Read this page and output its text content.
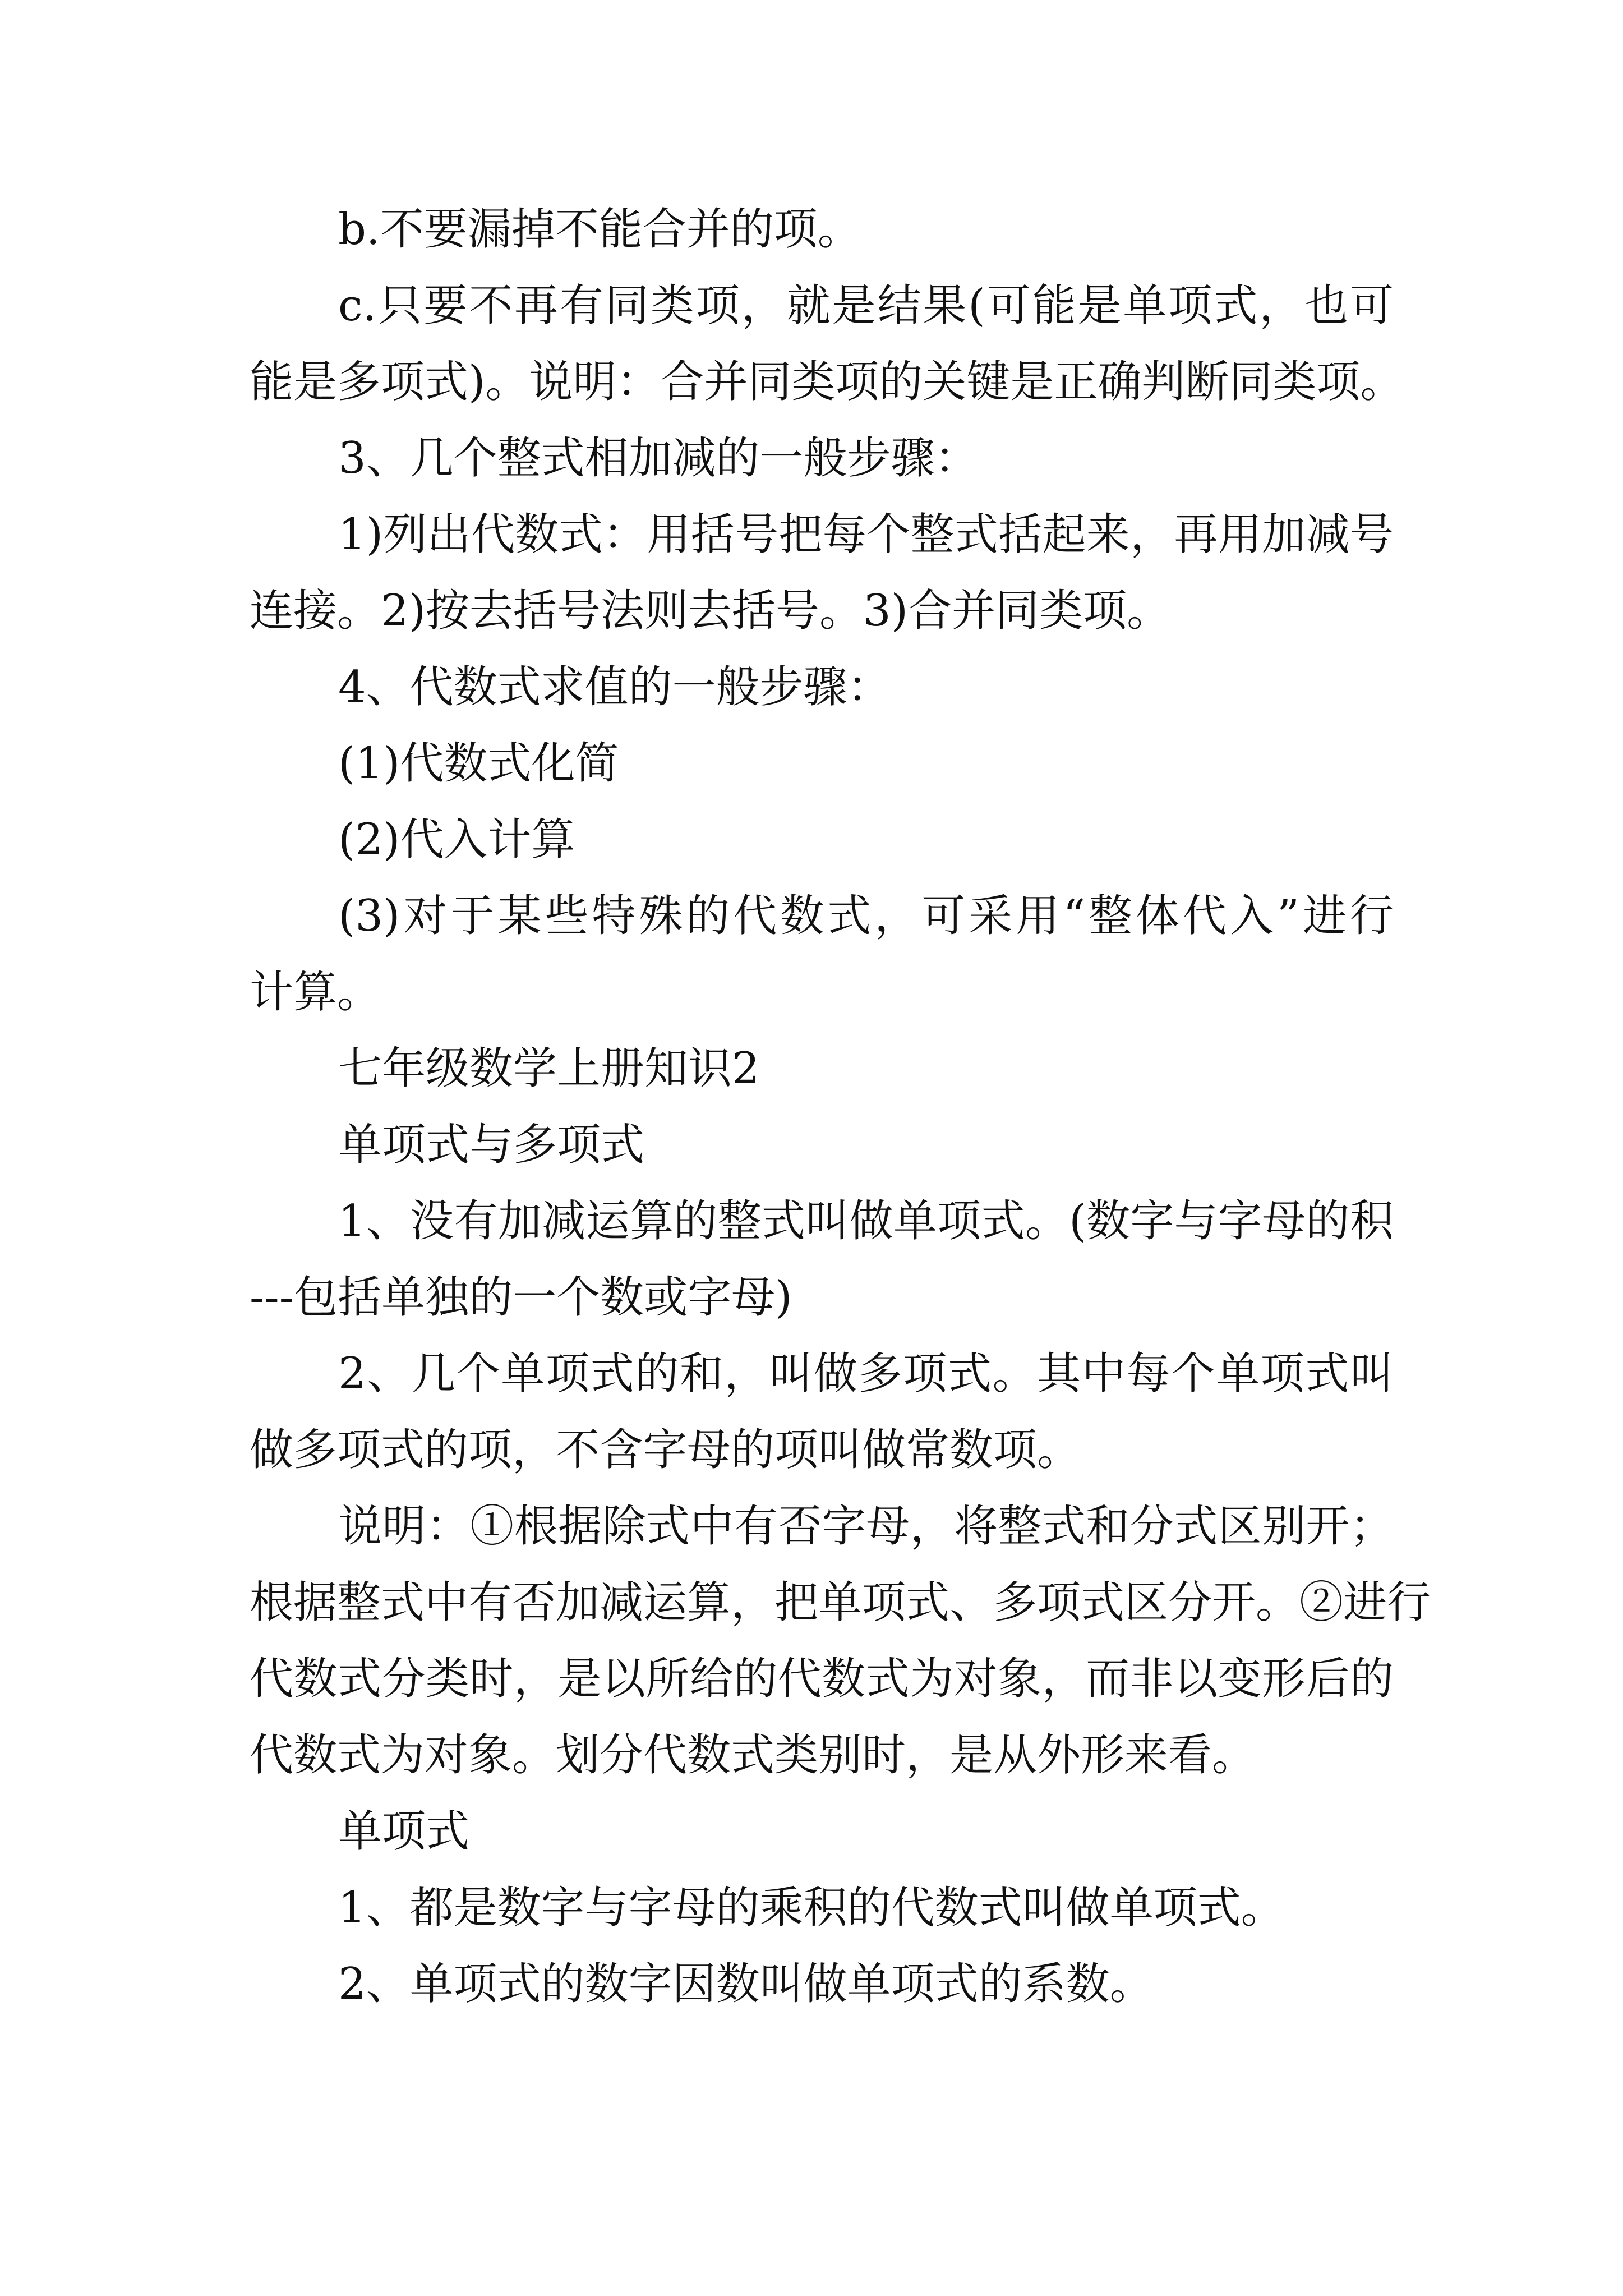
b.不要漏掉不能合并的项。
c.只要不再有同类项，就是结果(可能是单项式，也可
能是多项式)。说明：合并同类项的关键是正确判断同类项。
3、几个整式相加减的一般步骤：
1)列出代数式：用括号把每个整式括起来，再用加减号
连接。2)按去括号法则去括号。3)合并同类项。
4、代数式求值的一般步骤：
(1)代数式化简
(2)代入计算
(3)对于某些特殊的代数式，可采用“整体代入”进行
计算。
七年级数学上册知识2
单项式与多项式
1、没有加减运算的整式叫做单项式。(数字与字母的积
---包括单独的一个数或字母)
2、几个单项式的和，叫做多项式。其中每个单项式叫
做多项式的项，不含字母的项叫做常数项。
说明：①根据除式中有否字母，将整式和分式区别开；
根据整式中有否加减运算，把单项式、多项式区分开。②进行
代数式分类时，是以所给的代数式为对象，而非以变形后的
代数式为对象。划分代数式类别时，是从外形来看。
单项式
1、都是数字与字母的乘积的代数式叫做单项式。
2、单项式的数字因数叫做单项式的系数。
